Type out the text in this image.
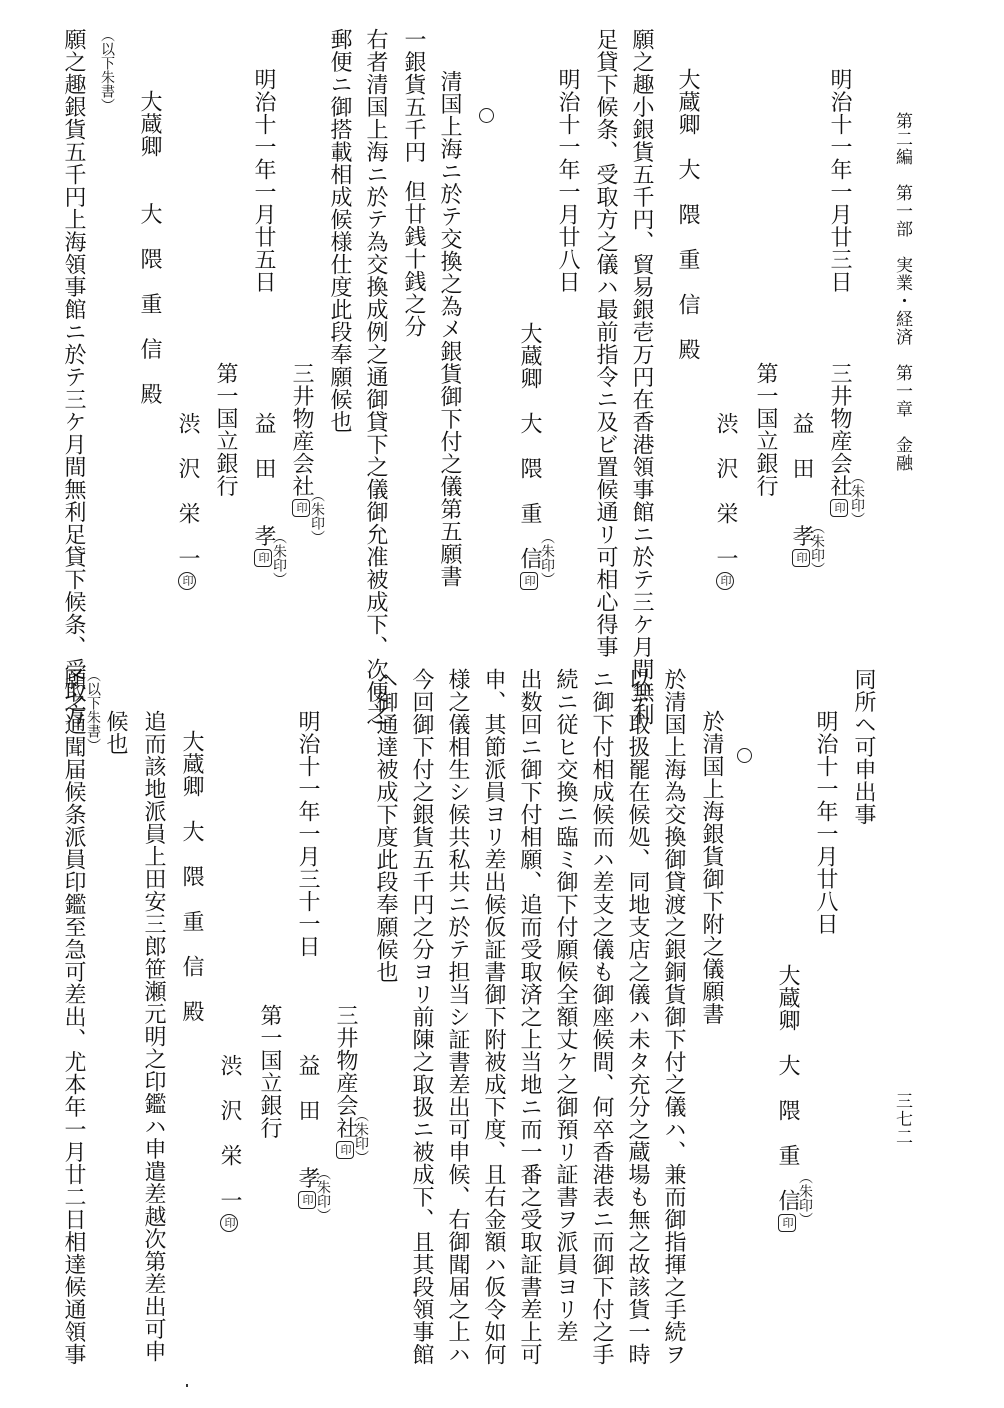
第二編　第一部　実業・経済　第一章　金融
三七二
明治十一年一月廿三日
三井物産会社印 （朱印）
益　田　　孝印 （朱印）
第一国立銀行
渋　沢　栄　一印
大蔵卿　大　隈　重　信　殿
願之趣小銀貨五千円、貿易銀壱万円在香港領事館ニ於テ三ケ月間無利
足貸下候条、受取方之儀ハ最前指令ニ及ビ置候通リ可相心得事
明治十一年一月廿八日
大蔵卿　大　隈　重　信印 （朱印）
清国上海ニ於テ交換之為メ銀貨御下付之儀第五願書
一銀貨五千円
但廿銭十銭之分
右者清国上海ニ於テ為交換成例之通御貸下之儀御允准被成下、次便之
郵便ニ御搭載相成候様仕度此段奉願候也
明治十一年一月廿五日
三井物産会社印 （朱印）
益　田　　孝印 （朱印）
第一国立銀行
渋　沢　栄　一印
大蔵卿　　大　隈　重　信　殿
（以下朱書）
願之趣銀貨五千円上海領事館ニ於テ三ケ月間無利足貸下候条、受取方
同所ヘ可申出事
明治十一年一月廿八日
大蔵卿　大　隈　重　信印 （朱印）
於清国上海銀貨御下附之儀願書
於清国上海為交換御貸渡之銀銅貨御下付之儀ハ、兼而御指揮之手続ヲ
以テ取扱罷在候処、同地支店之儀ハ未タ充分之蔵場も無之故該貨一時
ニ御下付相成候而ハ差支之儀も御座候間、何卒香港表ニ而御下付之手
続ニ従ヒ交換ニ臨ミ御下付願候全額丈ケ之御預リ証書ヲ派員ヨリ差
出数回ニ御下付相願、追而受取済之上当地ニ而一番之受取証書差上可
申、其節派員ヨリ差出候仮証書御下附被成下度、且右金額ハ仮令如何
様之儀相生シ候共私共ニ於テ担当シ証書差出可申候、右御聞届之上ハ
今回御下付之銀貨五千円之分ヨリ前陳之取扱ニ被成下、且其段領事館
ヘ御通達被成下度此段奉願候也
三井物産会社印 （朱印）
明治十一年一月三十一日
益　田　　孝印 （朱印）
第一国立銀行
渋　沢　栄　一印
大蔵卿　大　隈　重　信　殿
追而該地派員上田安三郎笹瀬元明之印鑑ハ申遣差越次第差出可申
候也
（以下朱書）
願之通聞届候条派員印鑑至急可差出、尤本年一月廿二日相達候通領事
